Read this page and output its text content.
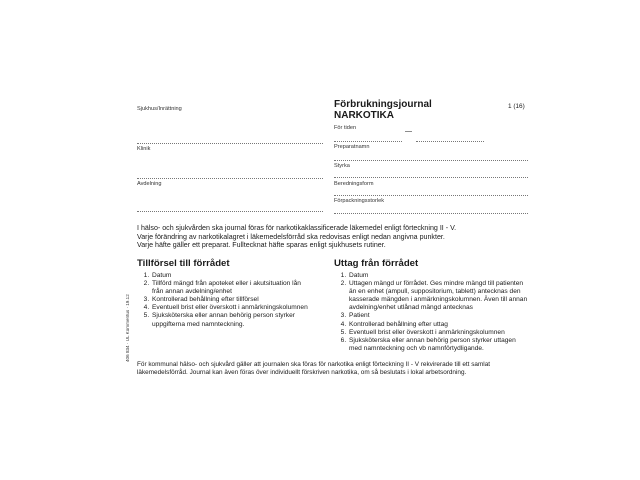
Förbrukningsjournal
NARKOTIKA
1 (16)
Sjukhus/Inrättning
Klinik
Avdelning
För tiden	—
Preparatnamn
Styrka
Beredningsform
Förpackningsstorlek
I hälso- och sjukvården ska journal föras för narkotikaklassificerade läkemedel enligt förteckning II - V.
Varje förändring av narkotikalagret i läkemedelsförråd ska redovisas enligt nedan angivna punkter.
Varje häfte gäller ett preparat. Fulltecknat häfte sparas enligt sjukhusets rutiner.
Tillförsel till förrådet
1. Datum
2. Tillförd mängd från apoteket eller i akutsituation lån från annan avdelning/enhet
3. Kontrollerad behållning efter tillförsel
4. Eventuell brist eller överskott i anmärkningskolumnen
5. Sjuksköterska eller annan behörig person styrker uppgifterna med namnteckning.
Uttag från förrådet
1. Datum
2. Uttagen mängd ur förrådet. Ges mindre mängd till patienten än en enhet (ampull, suppositorium, tablett) antecknas den kasserade mängden i anmärkningskolumnen. Även till annan avdelning/enhet utlånad mängd antecknas
3. Patient
4. Kontrollerad behållning efter uttag
5. Eventuell brist eller överskott i anmärkningskolumnen
6. Sjuksköterska eller annan behörig person styrker uttagen med namnteckning och vb namnförtydligande.
406 834 · UL Kommentus · 19.12
För kommunal hälso- och sjukvård gäller att journalen ska föras för narkotika enligt förteckning II - V rekvirerade till ett samlat läkemedelsförråd. Journal kan även föras över individuellt förskriven narkotika, om så beslutats i lokal arbetsordning.
